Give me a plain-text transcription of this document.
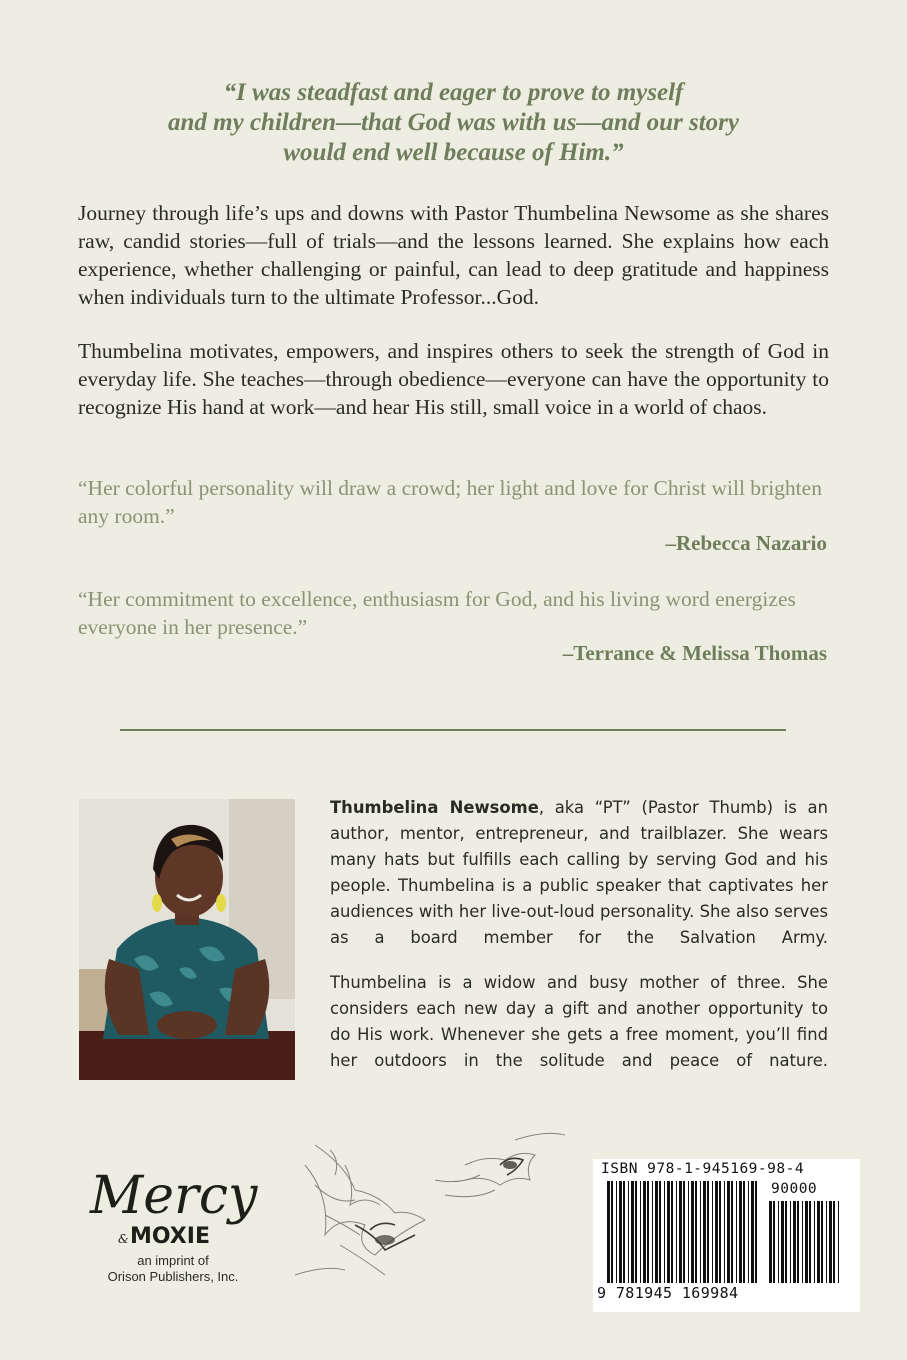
“I was steadfast and eager to prove to myself
and my children—that God was with us—and our story
would end well because of Him.”

Journey through life’s ups and downs with Pastor Thumbelina Newsome as she shares raw, candid stories—full of trials—and the lessons learned. She explains how each experience, whether challenging or painful, can lead to deep gratitude and happiness when individuals turn to the ultimate Professor...God.

Thumbelina motivates, empowers, and inspires others to seek the strength of God in everyday life. She teaches—through obedience—everyone can have the opportunity to recognize His hand at work—and hear His still, small voice in a world of chaos.

“Her colorful personality will draw a crowd; her light and love for Christ will brighten any room.”

–Rebecca Nazario

“Her commitment to excellence, enthusiasm for God, and his living word energizes everyone in her presence.”

–Terrance & Melissa Thomas

Thumbelina Newsome, aka “PT” (Pastor Thumb) is an author, mentor, entrepreneur, and trailblazer. She wears many hats but fulfills each calling by serving God and his people. Thumbelina is a public speaker that captivates her audiences with her live-out-loud personality. She also serves as a board member for the Salvation Army.

Thumbelina is a widow and busy mother of three. She considers each new day a gift and another opportunity to do His work. Whenever she gets a free moment, you’ll find her outdoors in the solitude and peace of nature.

Mercy
& MOXIE

an imprint of
Orison Publishers, Inc.

ISBN 978-1-945169-98-4
90000
9 781945 169984
